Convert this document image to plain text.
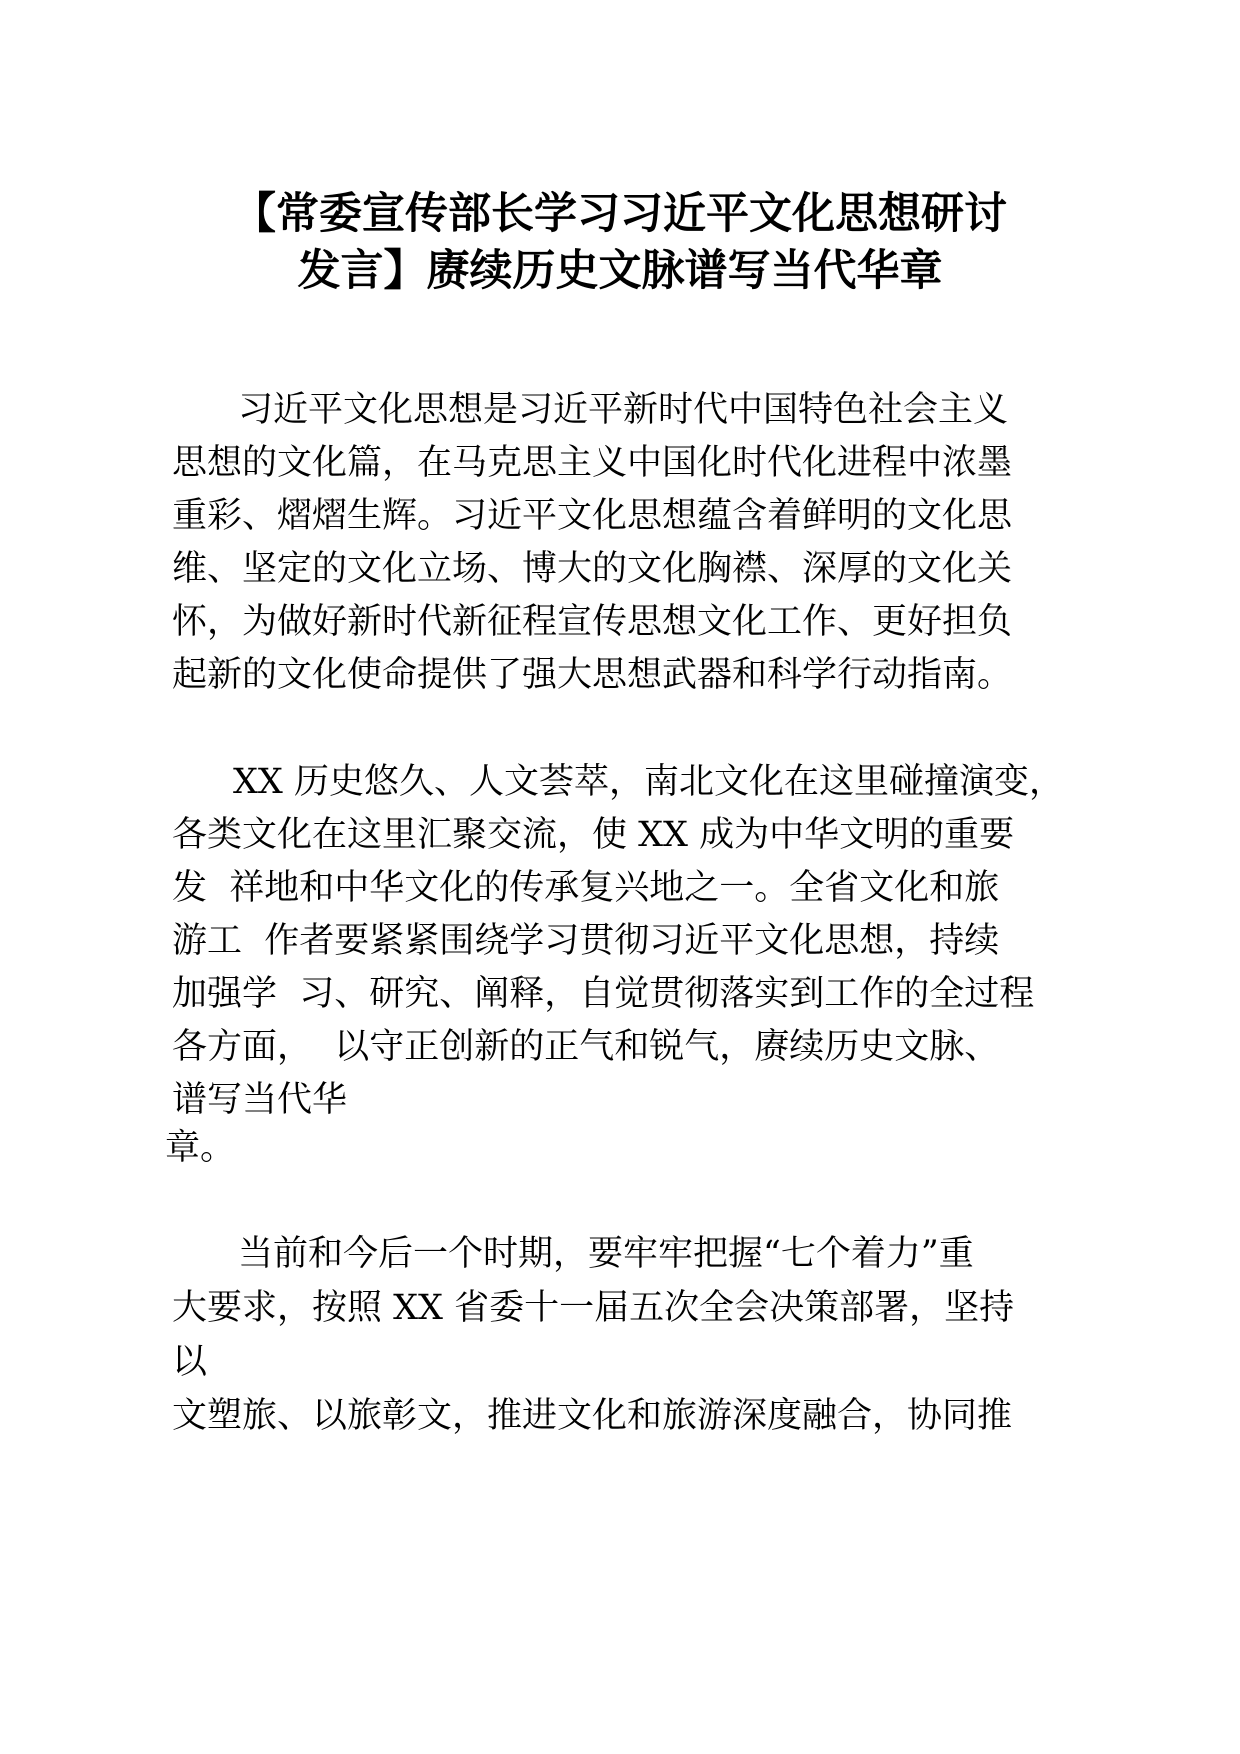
【常委宣传部长学习习近平文化思想研讨
发言】赓续历史文脉谱写当代华章
习近平文化思想是习近平新时代中国特色社会主义
思想的文化篇，在马克思主义中国化时代化进程中浓墨
重彩、熠熠生辉。习近平文化思想蕴含着鲜明的文化思
维、坚定的文化立场、博大的文化胸襟、深厚的文化关
怀，为做好新时代新征程宣传思想文化工作、更好担负
起新的文化使命提供了强大思想武器和科学行动指南。
XX 历史悠久、人文荟萃，南北文化在这里碰撞演变，
各类文化在这里汇聚交流，使 XX 成为中华文明的重要
发  祥地和中华文化的传承复兴地之一。全省文化和旅
游工  作者要紧紧围绕学习贯彻习近平文化思想，持续
加强学  习、研究、阐释，自觉贯彻落实到工作的全过程
各方面，  以守正创新的正气和锐气，赓续历史文脉、
谱写当代华
章。
当前和今后一个时期，要牢牢把握“七个着力”重
大要求，按照 XX 省委十一届五次全会决策部署，坚持
以
文塑旅、以旅彰文，推进文化和旅游深度融合，协同推
